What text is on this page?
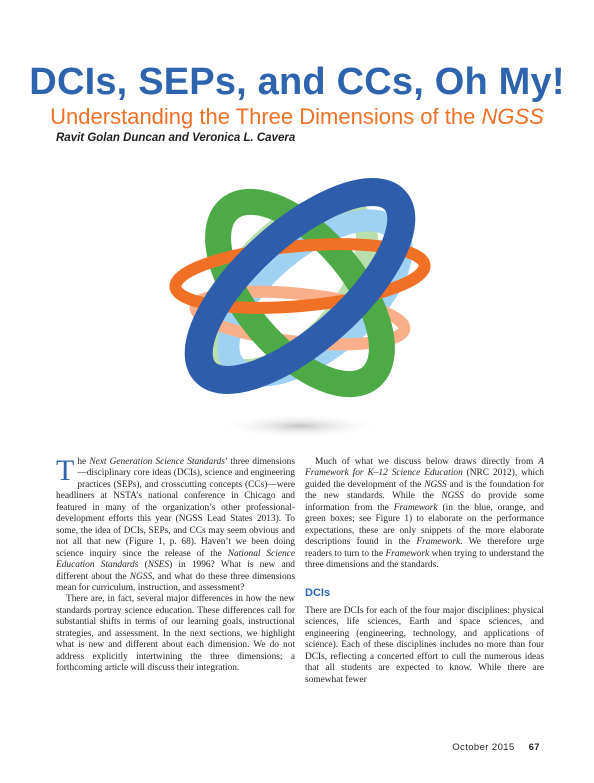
DCIs, SEPs, and CCs, Oh My!
Understanding the Three Dimensions of the NGSS
Ravit Golan Duncan and Veronica L. Cavera

The Next Generation Science Standards’ three dimensions—disciplinary core ideas (DCIs), science and engineering practices (SEPs), and crosscutting concepts (CCs)—were headliners at NSTA’s national conference in Chicago and featured in many of the organization’s other professional-development efforts this year (NGSS Lead States 2013). To some, the idea of DCIs, SEPs, and CCs may seem obvious and not all that new (Figure 1, p. 68). Haven’t we been doing science inquiry since the release of the National Science Education Standards (NSES) in 1996? What is new and different about the NGSS, and what do these three dimensions mean for curriculum, instruction, and assessment?

There are, in fact, several major differences in how the new standards portray science education. These differences call for substantial shifts in terms of our learning goals, instructional strategies, and assessment. In the next sections, we highlight what is new and different about each dimension. We do not address explicitly intertwining the three dimensions; a forthcoming article will discuss their integration.

Much of what we discuss below draws directly from A Framework for K–12 Science Education (NRC 2012), which guided the development of the NGSS and is the foundation for the new standards. While the NGSS do provide some information from the Framework (in the blue, orange, and green boxes; see Figure 1) to elaborate on the performance expectations, these are only snippets of the more elaborate descriptions found in the Framework. We therefore urge readers to turn to the Framework when trying to understand the three dimensions and the standards.

DCIs

There are DCIs for each of the four major disciplines: physical sciences, life sciences, Earth and space sciences, and engineering (engineering, technology, and applications of science). Each of these disciplines includes no more than four DCIs, reflecting a concerted effort to cull the numerous ideas that all students are expected to know. While there are somewhat fewer

October 2015 67
